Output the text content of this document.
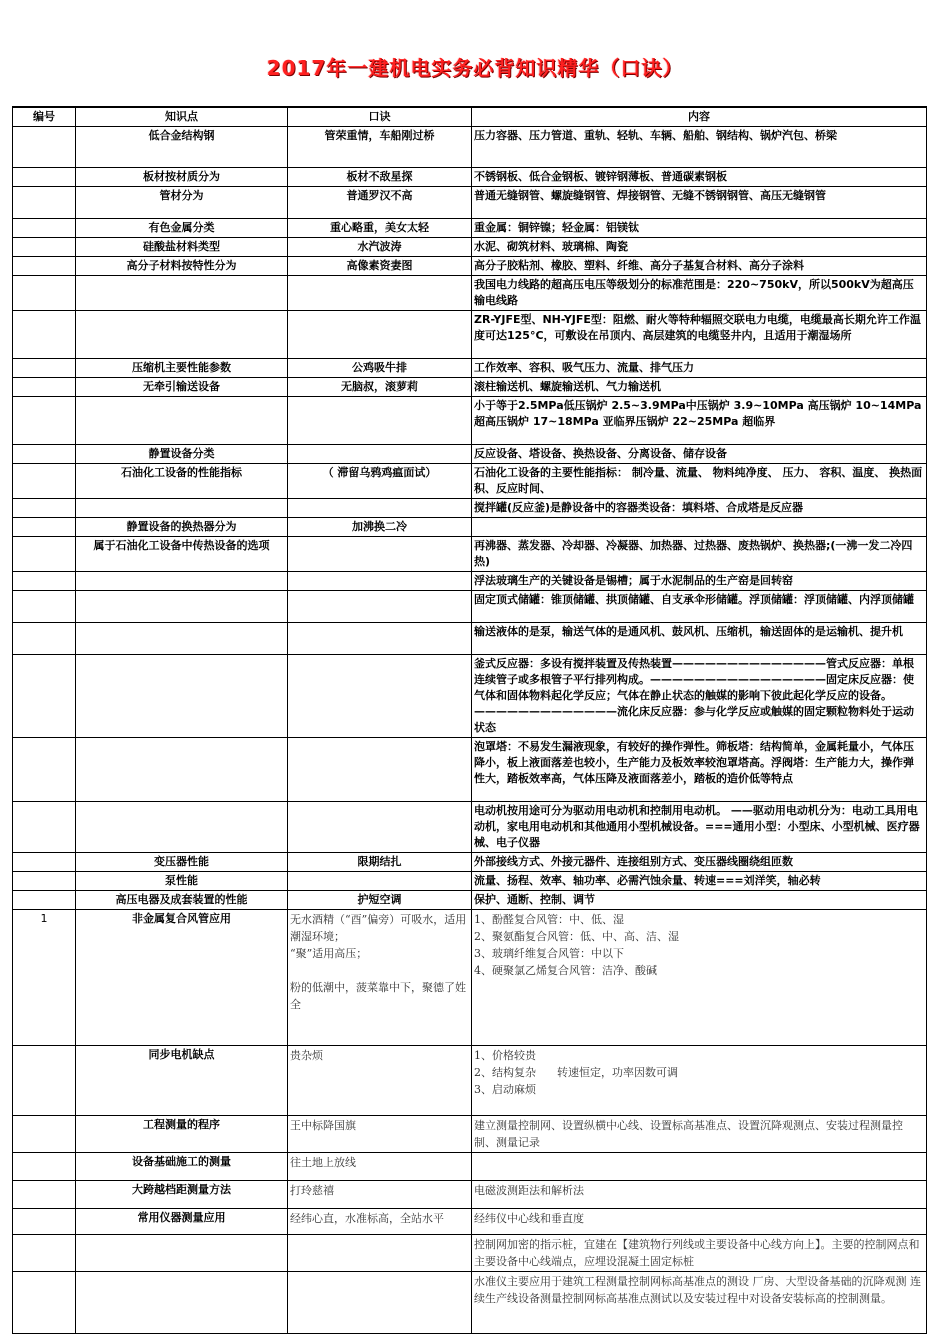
2017年一建机电实务必背知识精华（口诀）
编号	知识点	口诀	内容
	低合金结构钢	管荣重情，车船刚过桥	压力容器、压力管道、重轨、轻轨、车辆、船舶、钢结构、锅炉汽包、桥梁
	板材按材质分为	板材不敌星探	不锈钢板、低合金钢板、镀锌钢薄板、普通碳素钢板
	管材分为	普通罗汉不高	普通无缝钢管、螺旋缝钢管、焊接钢管、无缝不锈钢钢管、高压无缝钢管
	有色金属分类	重心略重，美女太轻	重金属：铜锌镍；轻金属：铝镁钛
	硅酸盐材料类型	水汽波涛	水泥、砌筑材料、玻璃棉、陶瓷
	高分子材料按特性分为	高像素资妻图	高分子胶粘剂、橡胶、塑料、纤维、高分子基复合材料、高分子涂料
			我国电力线路的超高压电压等级划分的标准范围是：220~750kV，所以500kV为超高压输电线路
			ZR-YJFE型、NH-YJFE型：阻燃、耐火等特种辐照交联电力电缆，电缆最高长期允许工作温度可达125°C，可敷设在吊顶内、高层建筑的电缆竖井内，且适用于潮湿场所
	压缩机主要性能参数	公鸡吸牛排	工作效率、容积、吸气压力、流量、排气压力
	无牵引输送设备	无脑叔，滚萝莉	滚柱输送机、螺旋输送机、气力输送机
			小于等于2.5MPa低压锅炉 2.5~3.9MPa中压锅炉 3.9~10MPa 高压锅炉 10~14MPa超高压锅炉 17~18MPa 亚临界压锅炉 22~25MPa 超临界
	静置设备分类		反应设备、塔设备、换热设备、分离设备、储存设备
	石油化工设备的性能指标	（ 滞留乌鸦鸡瘟面试）	石油化工设备的主要性能指标： 制冷量、流量、 物料纯净度、 压力、 容积、温度、 换热面积、反应时间、
			搅拌罐(反应釜)是静设备中的容器类设备：填料塔、合成塔是反应器
	静置设备的换热器分为	加沸换二冷	
	属于石油化工设备中传热设备的选项		再沸器、蒸发器、冷却器、冷凝器、加热器、过热器、废热锅炉、换热器;(一沸一发二冷四热)
			浮法玻璃生产的关键设备是锡槽；属于水泥制品的生产窑是回转窑
			固定顶式储罐：锥顶储罐、拱顶储罐、自支承伞形储罐。浮顶储罐：浮顶储罐、内浮顶储罐
			输送液体的是泵，输送气体的是通风机、鼓风机、压缩机，输送固体的是运输机、提升机
			釜式反应器：多设有搅拌装置及传热装置——————————————管式反应器：单根连续管子或多根管子平行排列构成。————————————————固定床反应器：使气体和固体物料起化学反应；气体在静止状态的触媒的影响下彼此起化学反应的设备。—————————————流化床反应器：参与化学反应或触媒的固定颗粒物料处于运动状态
			泡罩塔：不易发生漏液现象，有较好的操作弹性。筛板塔：结构简单，金属耗量小，气体压降小，板上液面落差也较小，生产能力及板效率较泡罩塔高。浮阀塔：生产能力大，操作弹性大，踏板效率高，气体压降及液面落差小，踏板的造价低等特点
			电动机按用途可分为驱动用电动机和控制用电动机。 ——驱动用电动机分为：电动工具用电动机，家电用电动机和其他通用小型机械设备。===通用小型：小型床、小型机械、医疗器械、电子仪器
	变压器性能	限期结扎	外部接线方式、外接元器件、连接组别方式、变压器线圈绕组匝数
	泵性能		流量、扬程、效率、轴功率、必需汽蚀余量、转速===刘洋笑，轴必转
	高压电器及成套装置的性能	护短空调	保护、通断、控制、调节
1	非金属复合风管应用	无水酒精（“酉”偏旁）可吸水，适用潮湿环境；
“聚”适用高压；

粉的低潮中，菠菜靠中下，聚德了姓全	1、酚醛复合风管：中、低、湿
2、聚氨酯复合风管：低、中、高、洁、湿
3、玻璃纤维复合风管：中以下
4、硬聚氯乙烯复合风管：洁净、酸碱

	同步电机缺点	贵杂烦	1、价格较贵
2、结构复杂      转速恒定，功率因数可调
3、启动麻烦

	工程测量的程序	王中标降国旗	建立测量控制网、设置纵横中心线、设置标高基准点、设置沉降观测点、安装过程测量控制、测量记录
	设备基础施工的测量	往土地上放线	
	大跨越档距测量方法	打玲慈禧	电磁波测距法和解析法
	常用仪器测量应用	经纬心直，水准标高，全站水平	经纬仪中心线和垂直度
			控制网加密的指示桩，宜建在【建筑物行列线或主要设备中心线方向上】。主要的控制网点和主要设备中心线端点，应埋设混凝土固定标桩
			水准仪主要应用于建筑工程测量控制网标高基准点的测设 厂房、大型设备基础的沉降观测 连续生产线设备测量控制网标高基准点测试以及安装过程中对设备安装标高的控制测量。
